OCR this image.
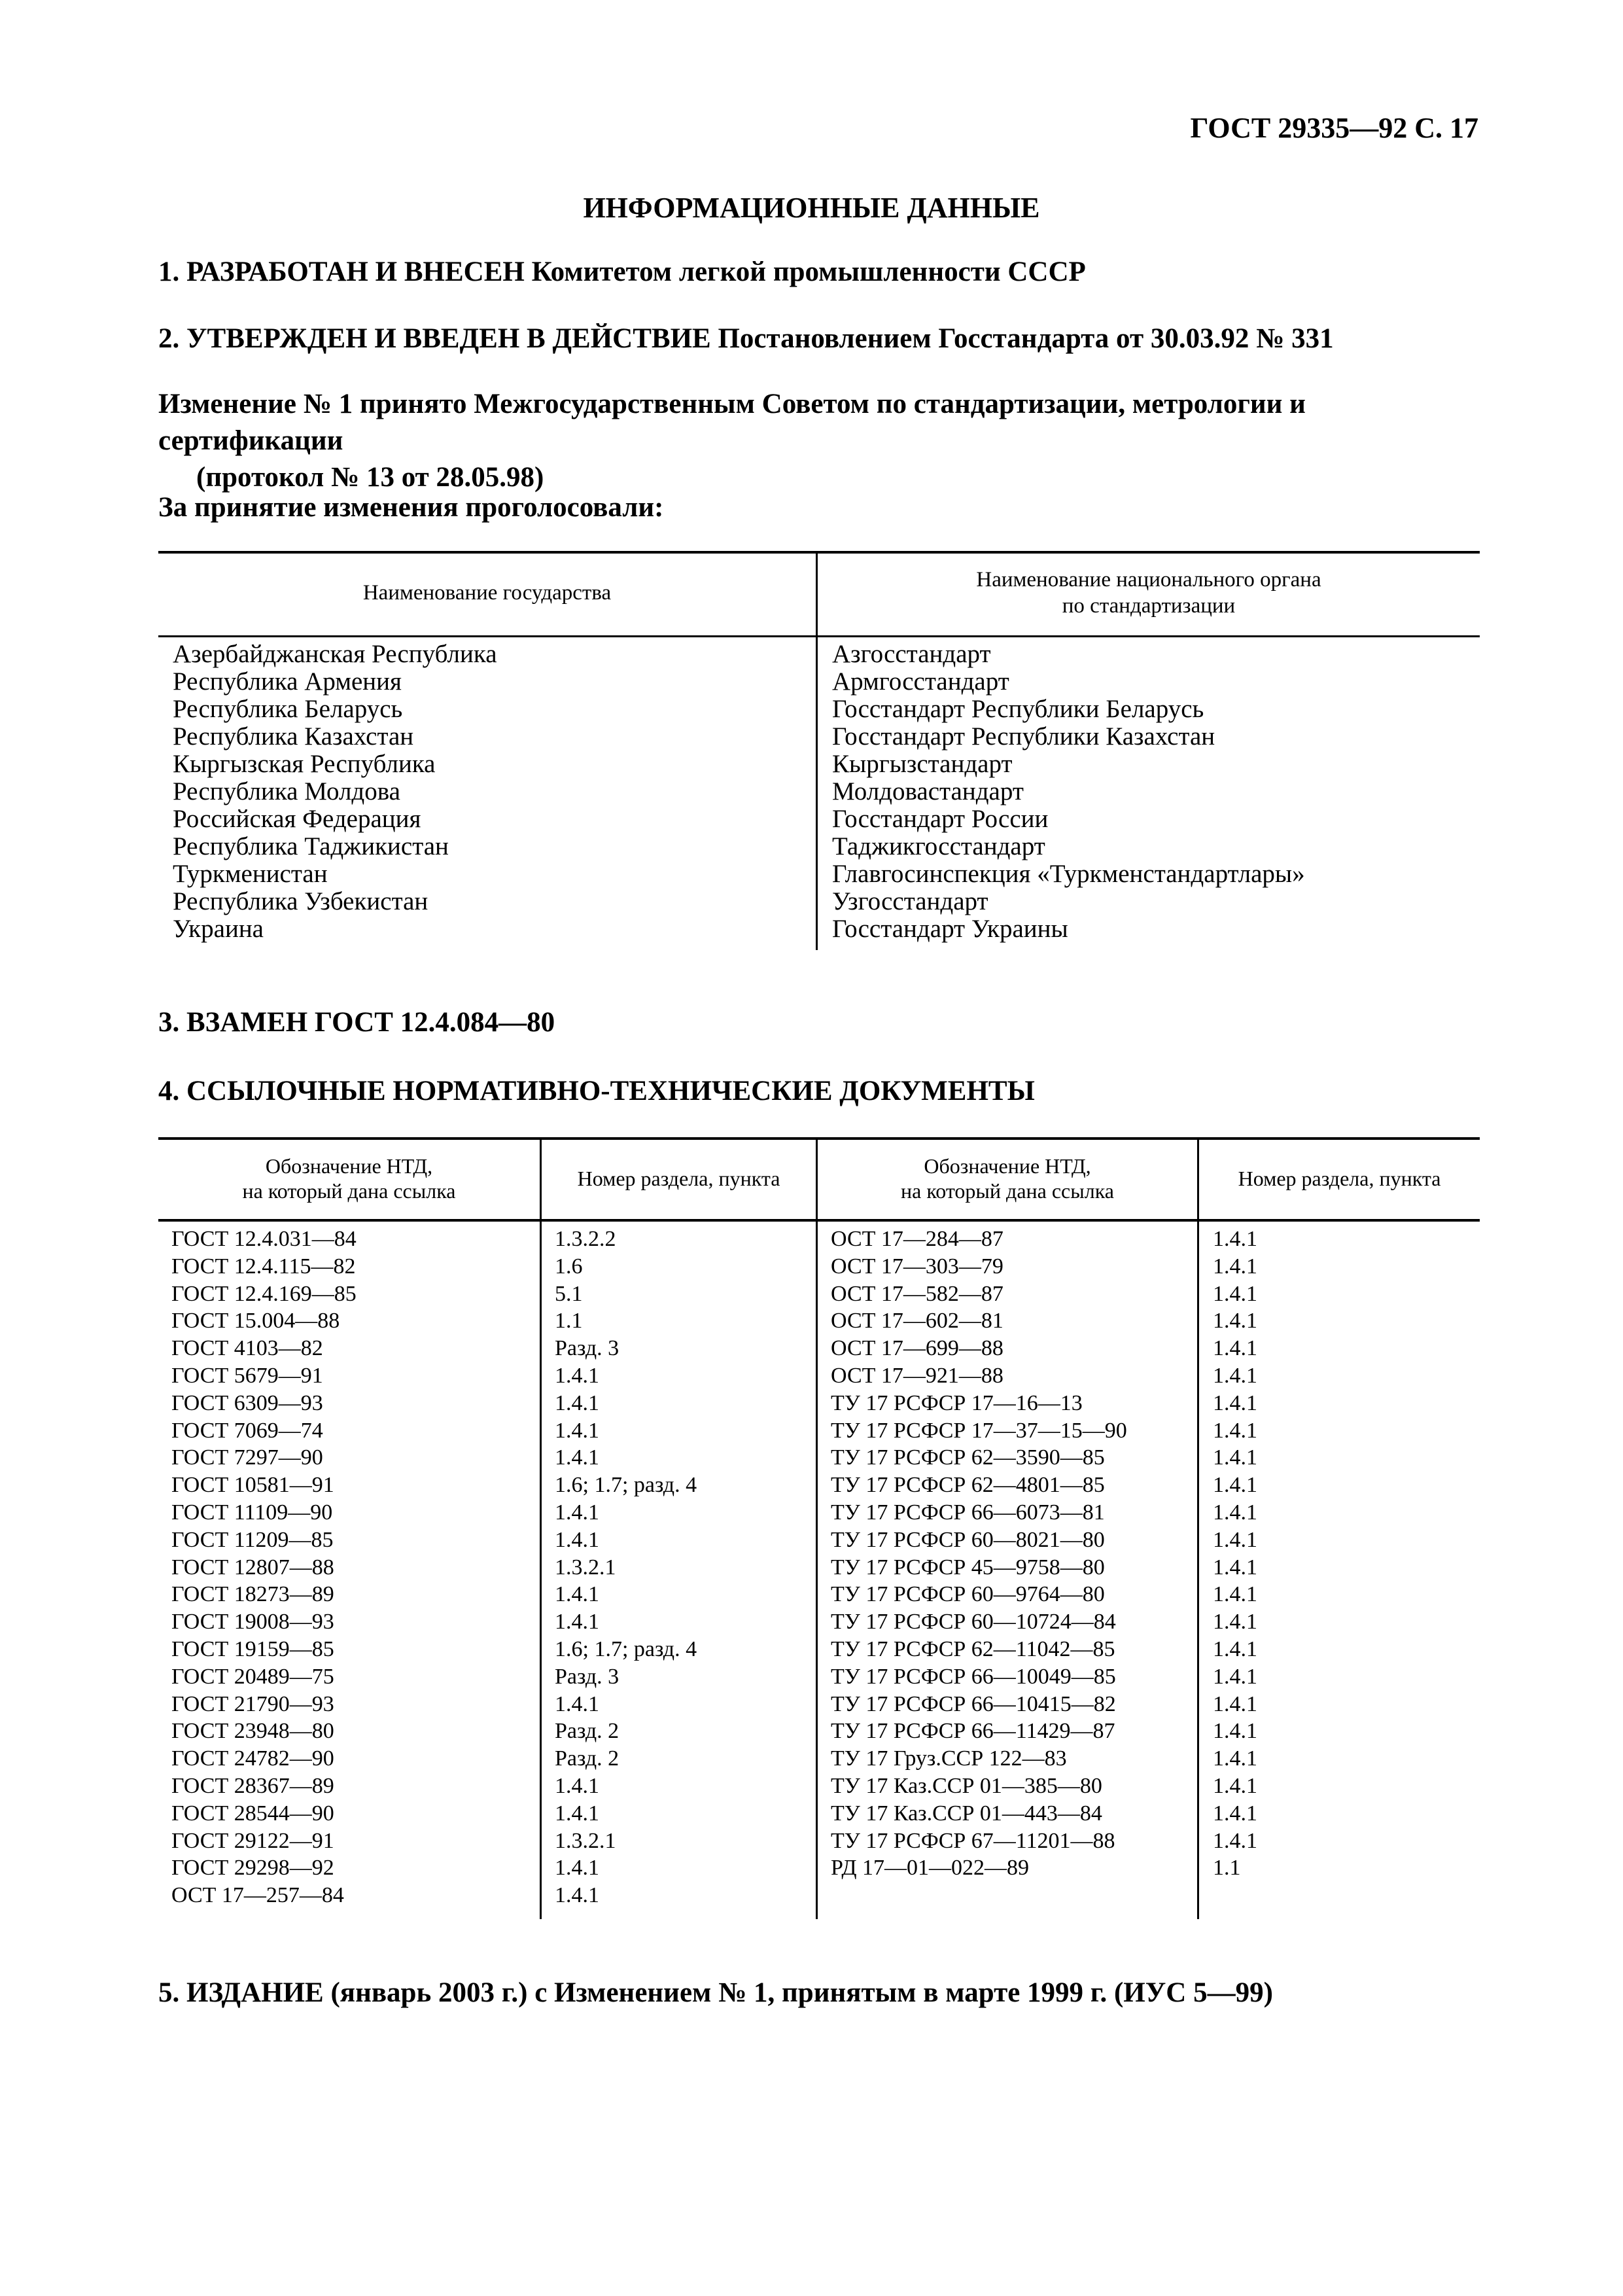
ГОСТ 29335—92 С. 17
ИНФОРМАЦИОННЫЕ ДАННЫЕ
1. РАЗРАБОТАН И ВНЕСЕН Комитетом легкой промышленности СССР
2. УТВЕРЖДЕН И ВВЕДЕН В ДЕЙСТВИЕ Постановлением Госстандарта от 30.03.92 № 331
Изменение № 1 принято Межгосударственным Советом по стандартизации, метрологии и сертификации
(протокол № 13 от 28.05.98)
За принятие изменения проголосовали:
Наименование государства
Наименование национального органа
по стандартизации
Азербайджанская Республика
Республика Армения
Республика Беларусь
Республика Казахстан
Кыргызская Республика
Республика Молдова
Российская Федерация
Республика Таджикистан
Туркменистан
Республика Узбекистан
Украина
Азгосстандарт
Армгосстандарт
Госстандарт Республики Беларусь
Госстандарт Республики Казахстан
Кыргызстандарт
Молдовастандарт
Госстандарт России
Таджикгосстандарт
Главгосинспекция «Туркменстандартлары»
Узгосстандарт
Госстандарт Украины
3. ВЗАМЕН ГОСТ 12.4.084—80
4. ССЫЛОЧНЫЕ НОРМАТИВНО-ТЕХНИЧЕСКИЕ ДОКУМЕНТЫ
Обозначение НТД,
на который дана ссылка
Номер раздела, пункта
Обозначение НТД,
на который дана ссылка
Номер раздела, пункта
ГОСТ 12.4.031—84
ГОСТ 12.4.115—82
ГОСТ 12.4.169—85
ГОСТ 15.004—88
ГОСТ 4103—82
ГОСТ 5679—91
ГОСТ 6309—93
ГОСТ 7069—74
ГОСТ 7297—90
ГОСТ 10581—91
ГОСТ 11109—90
ГОСТ 11209—85
ГОСТ 12807—88
ГОСТ 18273—89
ГОСТ 19008—93
ГОСТ 19159—85
ГОСТ 20489—75
ГОСТ 21790—93
ГОСТ 23948—80
ГОСТ 24782—90
ГОСТ 28367—89
ГОСТ 28544—90
ГОСТ 29122—91
ГОСТ 29298—92
ОСТ 17—257—84
1.3.2.2
1.6
5.1
1.1
Разд. 3
1.4.1
1.4.1
1.4.1
1.4.1
1.6; 1.7; разд. 4
1.4.1
1.4.1
1.3.2.1
1.4.1
1.4.1
1.6; 1.7; разд. 4
Разд. 3
1.4.1
Разд. 2
Разд. 2
1.4.1
1.4.1
1.3.2.1
1.4.1
1.4.1
ОСТ 17—284—87
ОСТ 17—303—79
ОСТ 17—582—87
ОСТ 17—602—81
ОСТ 17—699—88
ОСТ 17—921—88
ТУ 17 РСФСР 17—16—13
ТУ 17 РСФСР 17—37—15—90
ТУ 17 РСФСР 62—3590—85
ТУ 17 РСФСР 62—4801—85
ТУ 17 РСФСР 66—6073—81
ТУ 17 РСФСР 60—8021—80
ТУ 17 РСФСР 45—9758—80
ТУ 17 РСФСР 60—9764—80
ТУ 17 РСФСР 60—10724—84
ТУ 17 РСФСР 62—11042—85
ТУ 17 РСФСР 66—10049—85
ТУ 17 РСФСР 66—10415—82
ТУ 17 РСФСР 66—11429—87
ТУ 17 Груз.ССР 122—83
ТУ 17 Каз.ССР 01—385—80
ТУ 17 Каз.ССР 01—443—84
ТУ 17 РСФСР 67—11201—88
РД 17—01—022—89
1.4.1
1.4.1
1.4.1
1.4.1
1.4.1
1.4.1
1.4.1
1.4.1
1.4.1
1.4.1
1.4.1
1.4.1
1.4.1
1.4.1
1.4.1
1.4.1
1.4.1
1.4.1
1.4.1
1.4.1
1.4.1
1.4.1
1.4.1
1.1
5. ИЗДАНИЕ (январь 2003 г.) с Изменением № 1, принятым в марте 1999 г. (ИУС 5—99)
